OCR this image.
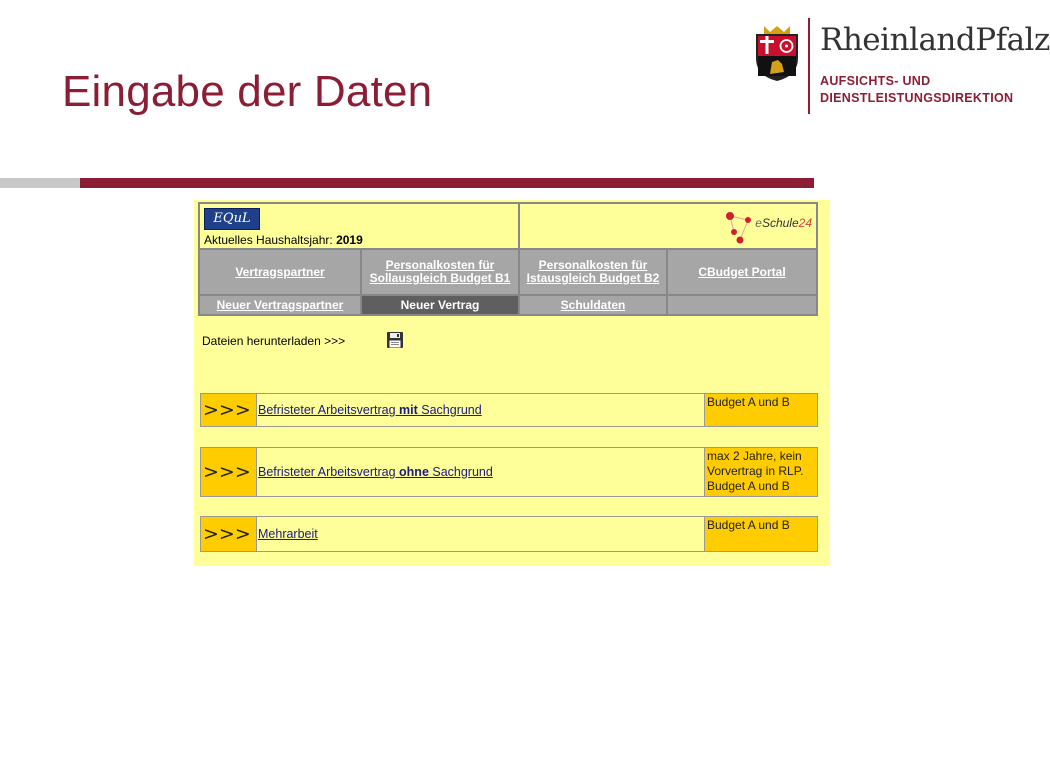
Eingabe der Daten
RheinlandPfalz
AUFSICHTS- UND
DIENSTLEISTUNGSDIREKTION
EQuL
Aktuelles Haushaltsjahr: 2019		eSchule24	

Vertragspartner	Personalkosten für Sollausgleich Budget B1	Personalkosten für Istausgleich Budget B2	CBudget Portal
Neuer Vertragspartner	Neuer Vertrag	Schuldaten	
Dateien herunterladen >>>
>>>	Befristeter Arbeitsvertrag mit Sachgrund	
Budget A und B
>>>	Befristeter Arbeitsvertrag ohne Sachgrund	
max 2 Jahre, kein
Vorvertrag in RLP.
Budget A und B
>>>	Mehrarbeit	
Budget A und B
